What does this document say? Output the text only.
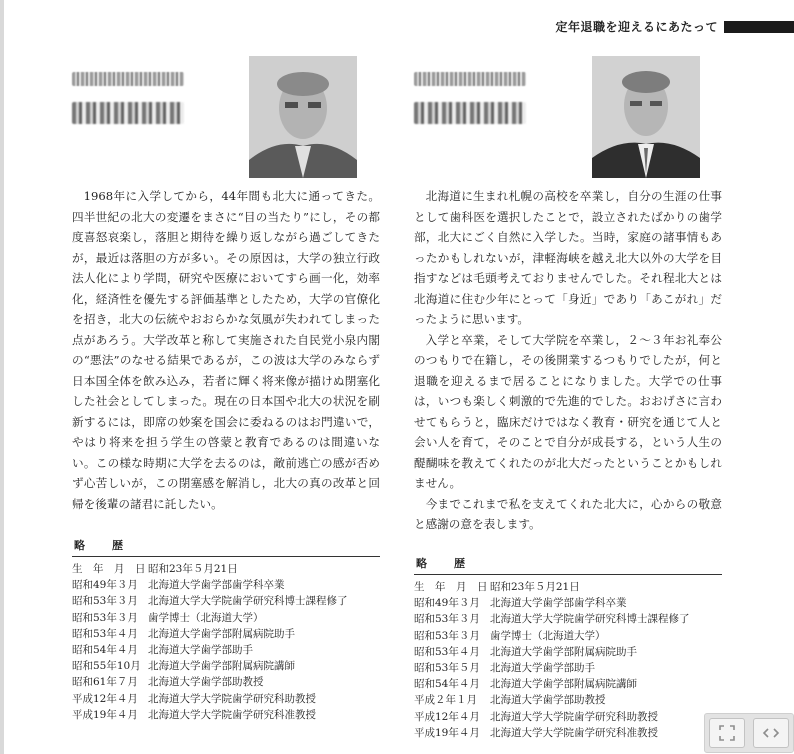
定年退職を迎えるにあたって
1968年に入学してから，44年間も北大に通ってきた。四半世紀の北大の変遷をまさに“目の当たり”にし，その都度喜怒哀楽し，落胆と期待を繰り返しながら過ごしてきたが，最近は落胆の方が多い。その原因は，大学の独立行政法人化により学問，研究や医療においてすら画一化，効率化，経済性を優先する評価基準としたため，大学の官僚化を招き，北大の伝統やおおらかな気風が失われてしまった点があろう。大学改革と称して実施された自民党小泉内閣の“悪法”のなせる結果であるが，この波は大学のみならず日本国全体を飲み込み，若者に輝く将来像が描けぬ閉塞化した社会としてしまった。現在の日本国や北大の状況を刷新するには，即席の妙案を国会に委ねるのはお門違いで，やはり将来を担う学生の啓蒙と教育であるのは間違いない。この様な時期に大学を去るのは，敵前逃亡の感が否めず心苦しいが，この閉塞感を解消し，北大の真の改革と回帰を後輩の諸君に託したい。
略　歴
生　年　月　日 昭和23年５月21日
昭和49年３月 北海道大学歯学部歯学科卒業
昭和53年３月 北海道大学大学院歯学研究科博士課程修了
昭和53年３月 歯学博士（北海道大学）
昭和53年４月 北海道大学歯学部附属病院助手
昭和54年４月 北海道大学歯学部助手
昭和55年10月 北海道大学歯学部附属病院講師
昭和61年７月 北海道大学歯学部助教授
平成12年４月 北海道大学大学院歯学研究科助教授
平成19年４月 北海道大学大学院歯学研究科准教授

北海道に生まれ札幌の高校を卒業し，自分の生涯の仕事として歯科医を選択したことで，設立されたばかりの歯学部，北大にごく自然に入学した。当時，家庭の諸事情もあったかもしれないが，津軽海峡を越え北大以外の大学を目指すなどは毛頭考えておりませんでした。それ程北大とは北海道に住む少年にとって「身近」であり「あこがれ」だったように思います。

入学と卒業，そして大学院を卒業し，２～３年お礼奉公のつもりで在籍し，その後開業するつもりでしたが，何と退職を迎えるまで居ることになりました。大学での仕事は，いつも楽しく刺激的で先進的でした。おおげさに言わせてもらうと，臨床だけではなく教育・研究を通じて人と会い人を育て，そのことで自分が成長する，という人生の醍醐味を教えてくれたのが北大だったということかもしれません。

今までこれまで私を支えてくれた北大に，心からの敬意と感謝の意を表します。

略　歴
生　年　月　日 昭和23年５月21日
昭和49年３月 北海道大学歯学部歯学科卒業
昭和53年３月 北海道大学大学院歯学研究科博士課程修了
昭和53年３月 歯学博士（北海道大学）
昭和53年４月 北海道大学歯学部附属病院助手
昭和53年５月 北海道大学歯学部助手
昭和54年４月 北海道大学歯学部附属病院講師
平成２年１月	北海道大学歯学部助教授
平成12年４月 北海道大学大学院歯学研究科助教授
平成19年４月 北海道大学大学院歯学研究科准教授
